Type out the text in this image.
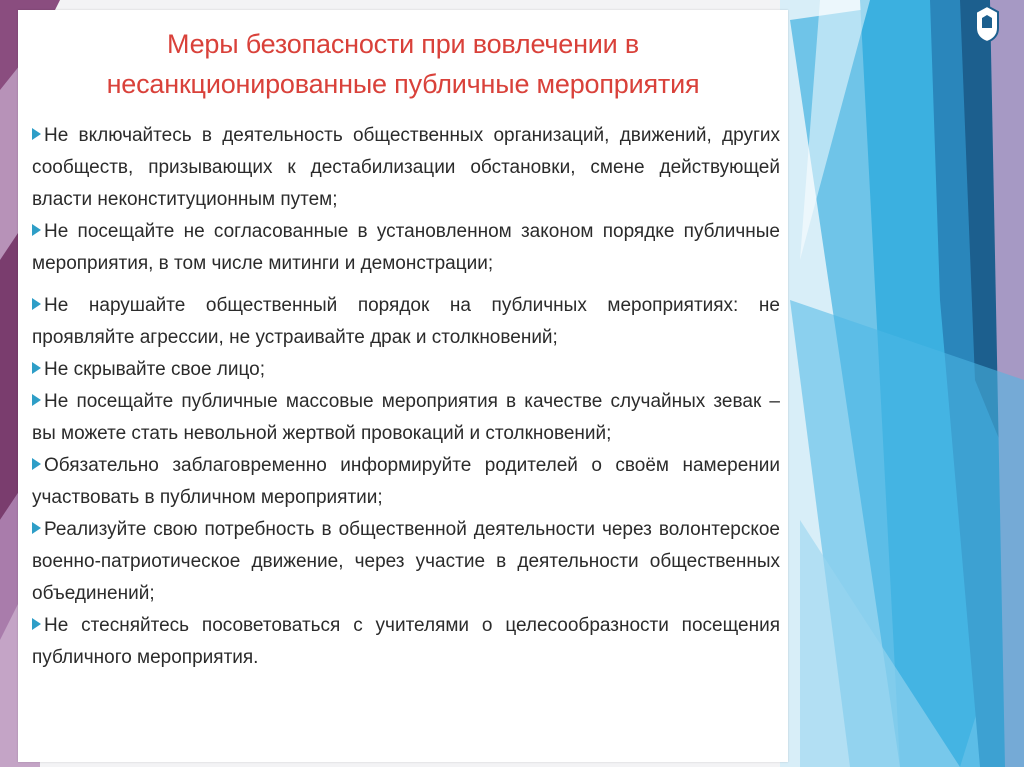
Меры безопасности при вовлечении в
несанкционированные публичные мероприятия
Не включайтесь в деятельность общественных организаций, движений, других сообществ, призывающих к дестабилизации обстановки, смене действующей власти неконституционным путем;
Не посещайте не согласованные в установленном законом порядке публичные мероприятия, в том числе митинги и демонстрации;
Не нарушайте общественный порядок на публичных мероприятиях: не проявляйте агрессии, не устраивайте драк и столкновений;
Не скрывайте свое лицо;
Не посещайте публичные массовые мероприятия в качестве случайных зевак – вы можете стать невольной жертвой провокаций и столкновений;
Обязательно заблаговременно информируйте родителей о своём намерении участвовать в публичном мероприятии;
Реализуйте свою потребность в общественной деятельности через волонтерское военно-патриотическое движение, через участие в деятельности общественных объединений;
Не стесняйтесь посоветоваться с учителями о целесообразности посещения публичного мероприятия.
